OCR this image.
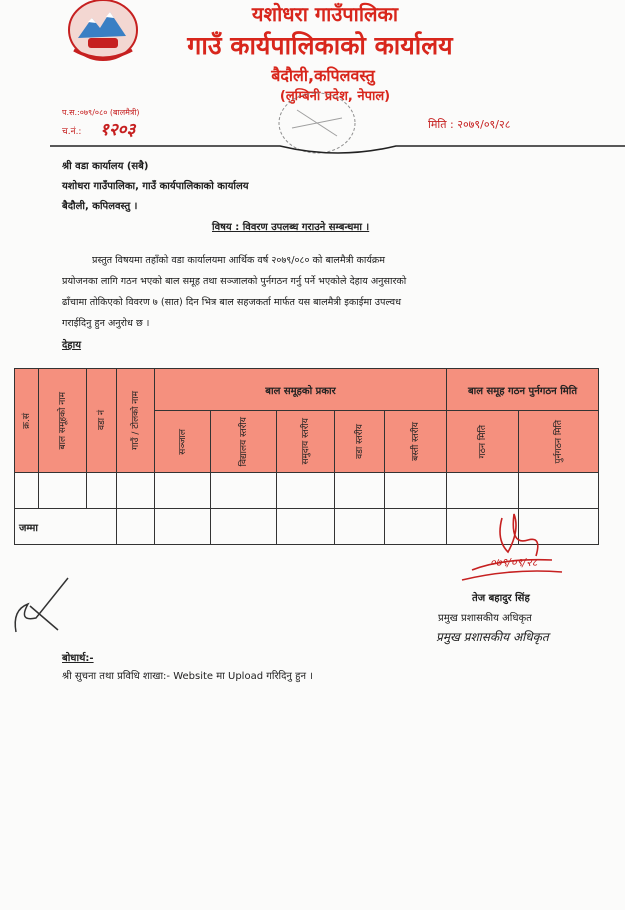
यशोधरा गाउँपालिका
गाउँ कार्यपालिकाको कार्यालय
बैदौली,कपिलवस्तु
(लुम्बिनी प्रदेश, नेपाल)
प.स.:०७९/०८० (बालमैत्री)
च.नं.: १२०३	मिति : २०७९/०९/२८
श्री वडा कार्यालय (सबै)
यशोधरा गाउँपालिका, गाउँ कार्यपालिकाको कार्यालय
बैदौली, कपिलवस्तु ।
विषय : विवरण उपलब्ध गराउने सम्बन्धमा ।
प्रस्तुत विषयमा तहाँको वडा कार्यालयमा आर्थिक वर्ष २०७९/०८० को बालमैत्री कार्यक्रम
प्रयोजनका लागि गठन भएको बाल समूह तथा सञ्जालको पुर्नगठन गर्नु पर्ने भएकोले देहाय अनुसारको
ढाँचामा तोकिएको विवरण ७ (सात) दिन भित्र बाल सहजकर्ता मार्फत यस बालमैत्री इकाईमा उपल्वध
गराईदिनु हुन अनुरोध छ ।
देहाय
क्र.सं	बाल समूहको नाम	वडा नं	गाउँ / टोलको नाम	बाल समूहको प्रकार					बाल समूह गठन पुर्नगठन मिति	

				सञ्जाल	विद्यालय स्तरीय	समुदाय स्तरीय	वडा स्तरीय	बस्ती स्तरीय	गठन मिति	पुर्नगठन मिति

जम्मा										
०७९/०९/२८
तेज बहादुर सिंह
प्रमुख प्रशासकीय अधिकृत
प्रमुख प्रशासकीय अधिकृत
बोधार्थ:-
श्री सुचना तथा प्रविधि शाखा:- Website मा Upload गरिदिनु हुन ।
